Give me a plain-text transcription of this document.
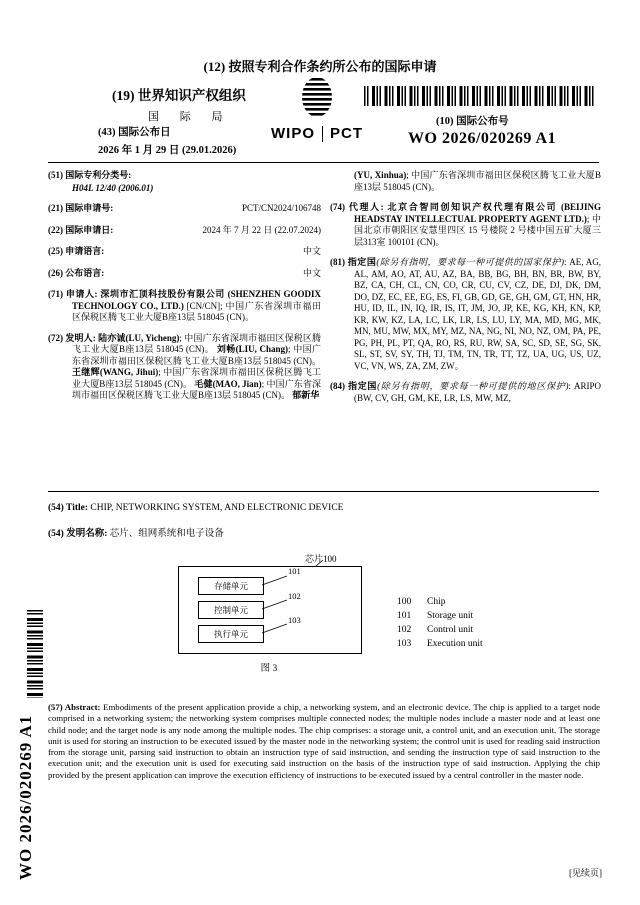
WO 2026/020269 A1
(12) 按照专利合作条约所公布的国际申请
(19) 世界知识产权组织
国 际 局
(43) 国际公布日
2026 年 1 月 29 日 (29.01.2026)
WIPO PCT
(10) 国际公布号
WO 2026/020269 A1
(51) 国际专利分类号:
H04L 12/40 (2006.01)
(21) 国际申请号:	PCT/CN2024/106748
(22) 国际申请日:	2024 年 7 月 22 日 (22.07.2024)
(25) 申请语言:	中文
(26) 公布语言:	中文

(71) 申请人: 深圳市汇顶科技股份有限公司 (SHENZHEN GOODIX TECHNOLOGY CO., LTD.) [CN/CN]; 中国广东省深圳市福田区保税区腾飞工业大厦B座13层 518045 (CN)。

(72) 发明人: 陆亦诚(LU, Yicheng); 中国广东省深圳市福田区保税区腾飞工业大厦B座13层 518045 (CN)。 刘畅(LIU, Chang); 中国广东省深圳市福田区保税区腾飞工业大厦B座13层 518045 (CN)。 王继辉(WANG, Jihui); 中国广东省深圳市福田区保税区腾飞工业大厦B座13层 518045 (CN)。 毛健(MAO, Jian); 中国广东省深圳市福田区保税区腾飞工业大厦B座13层 518045 (CN)。 郁新华

(YU, Xinhua); 中国广东省深圳市福田区保税区腾飞工业大厦B座13层 518045 (CN)。

(74) 代理人: 北京合智同创知识产权代理有限公司 (BEIJING HEADSTAY INTELLECTUAL PROPERTY AGENT LTD.); 中国北京市朝阳区安慧里四区 15 号楼院 2 号楼中国五矿大厦三层313室 100101 (CN)。

(81) 指定国(除另有指明，要求每一种可提供的国家保护): AE, AG, AL, AM, AO, AT, AU, AZ, BA, BB, BG, BH, BN, BR, BW, BY, BZ, CA, CH, CL, CN, CO, CR, CU, CV, CZ, DE, DJ, DK, DM, DO, DZ, EC, EE, EG, ES, FI, GB, GD, GE, GH, GM, GT, HN, HR, HU, ID, IL, IN, IQ, IR, IS, IT, JM, JO, JP, KE, KG, KH, KN, KP, KR, KW, KZ, LA, LC, LK, LR, LS, LU, LY, MA, MD, MG, MK, MN, MU, MW, MX, MY, MZ, NA, NG, NI, NO, NZ, OM, PA, PE, PG, PH, PL, PT, QA, RO, RS, RU, RW, SA, SC, SD, SE, SG, SK, SL, ST, SV, SY, TH, TJ, TM, TN, TR, TT, TZ, UA, UG, US, UZ, VC, VN, WS, ZA, ZM, ZW。

(84) 指定国(除另有指明，要求每一种可提供的地区保护): ARIPO (BW, CV, GH, GM, KE, LR, LS, MW, MZ,

(54) Title: CHIP, NETWORKING SYSTEM, AND ELECTRONIC DEVICE
(54) 发明名称: 芯片、组网系统和电子设备
芯片100
存储单元
控制单元
执行单元
101
102
103
图 3
100	Chip
101	Storage unit
102	Control unit
103	Execution unit

(57) Abstract: Embodiments of the present application provide a chip, a networking system, and an electronic device. The chip is applied to a target node comprised in a networking system; the networking system comprises multiple connected nodes; the multiple nodes include a master node and at least one child node; and the target node is any node among the multiple nodes. The chip comprises: a storage unit, a control unit, and an execution unit. The storage unit is used for storing an instruction to be executed issued by the master node in the networking system; the control unit is used for reading said instruction from the storage unit, parsing said instruction to obtain an instruction type of said instruction, and sending the instruction type of said instruction to the execution unit; and the execution unit is used for executing said instruction on the basis of the instruction type of said instruction. Applying the chip provided by the present application can improve the execution efficiency of instructions to be executed issued by a central controller in the master node.

[见续页]
